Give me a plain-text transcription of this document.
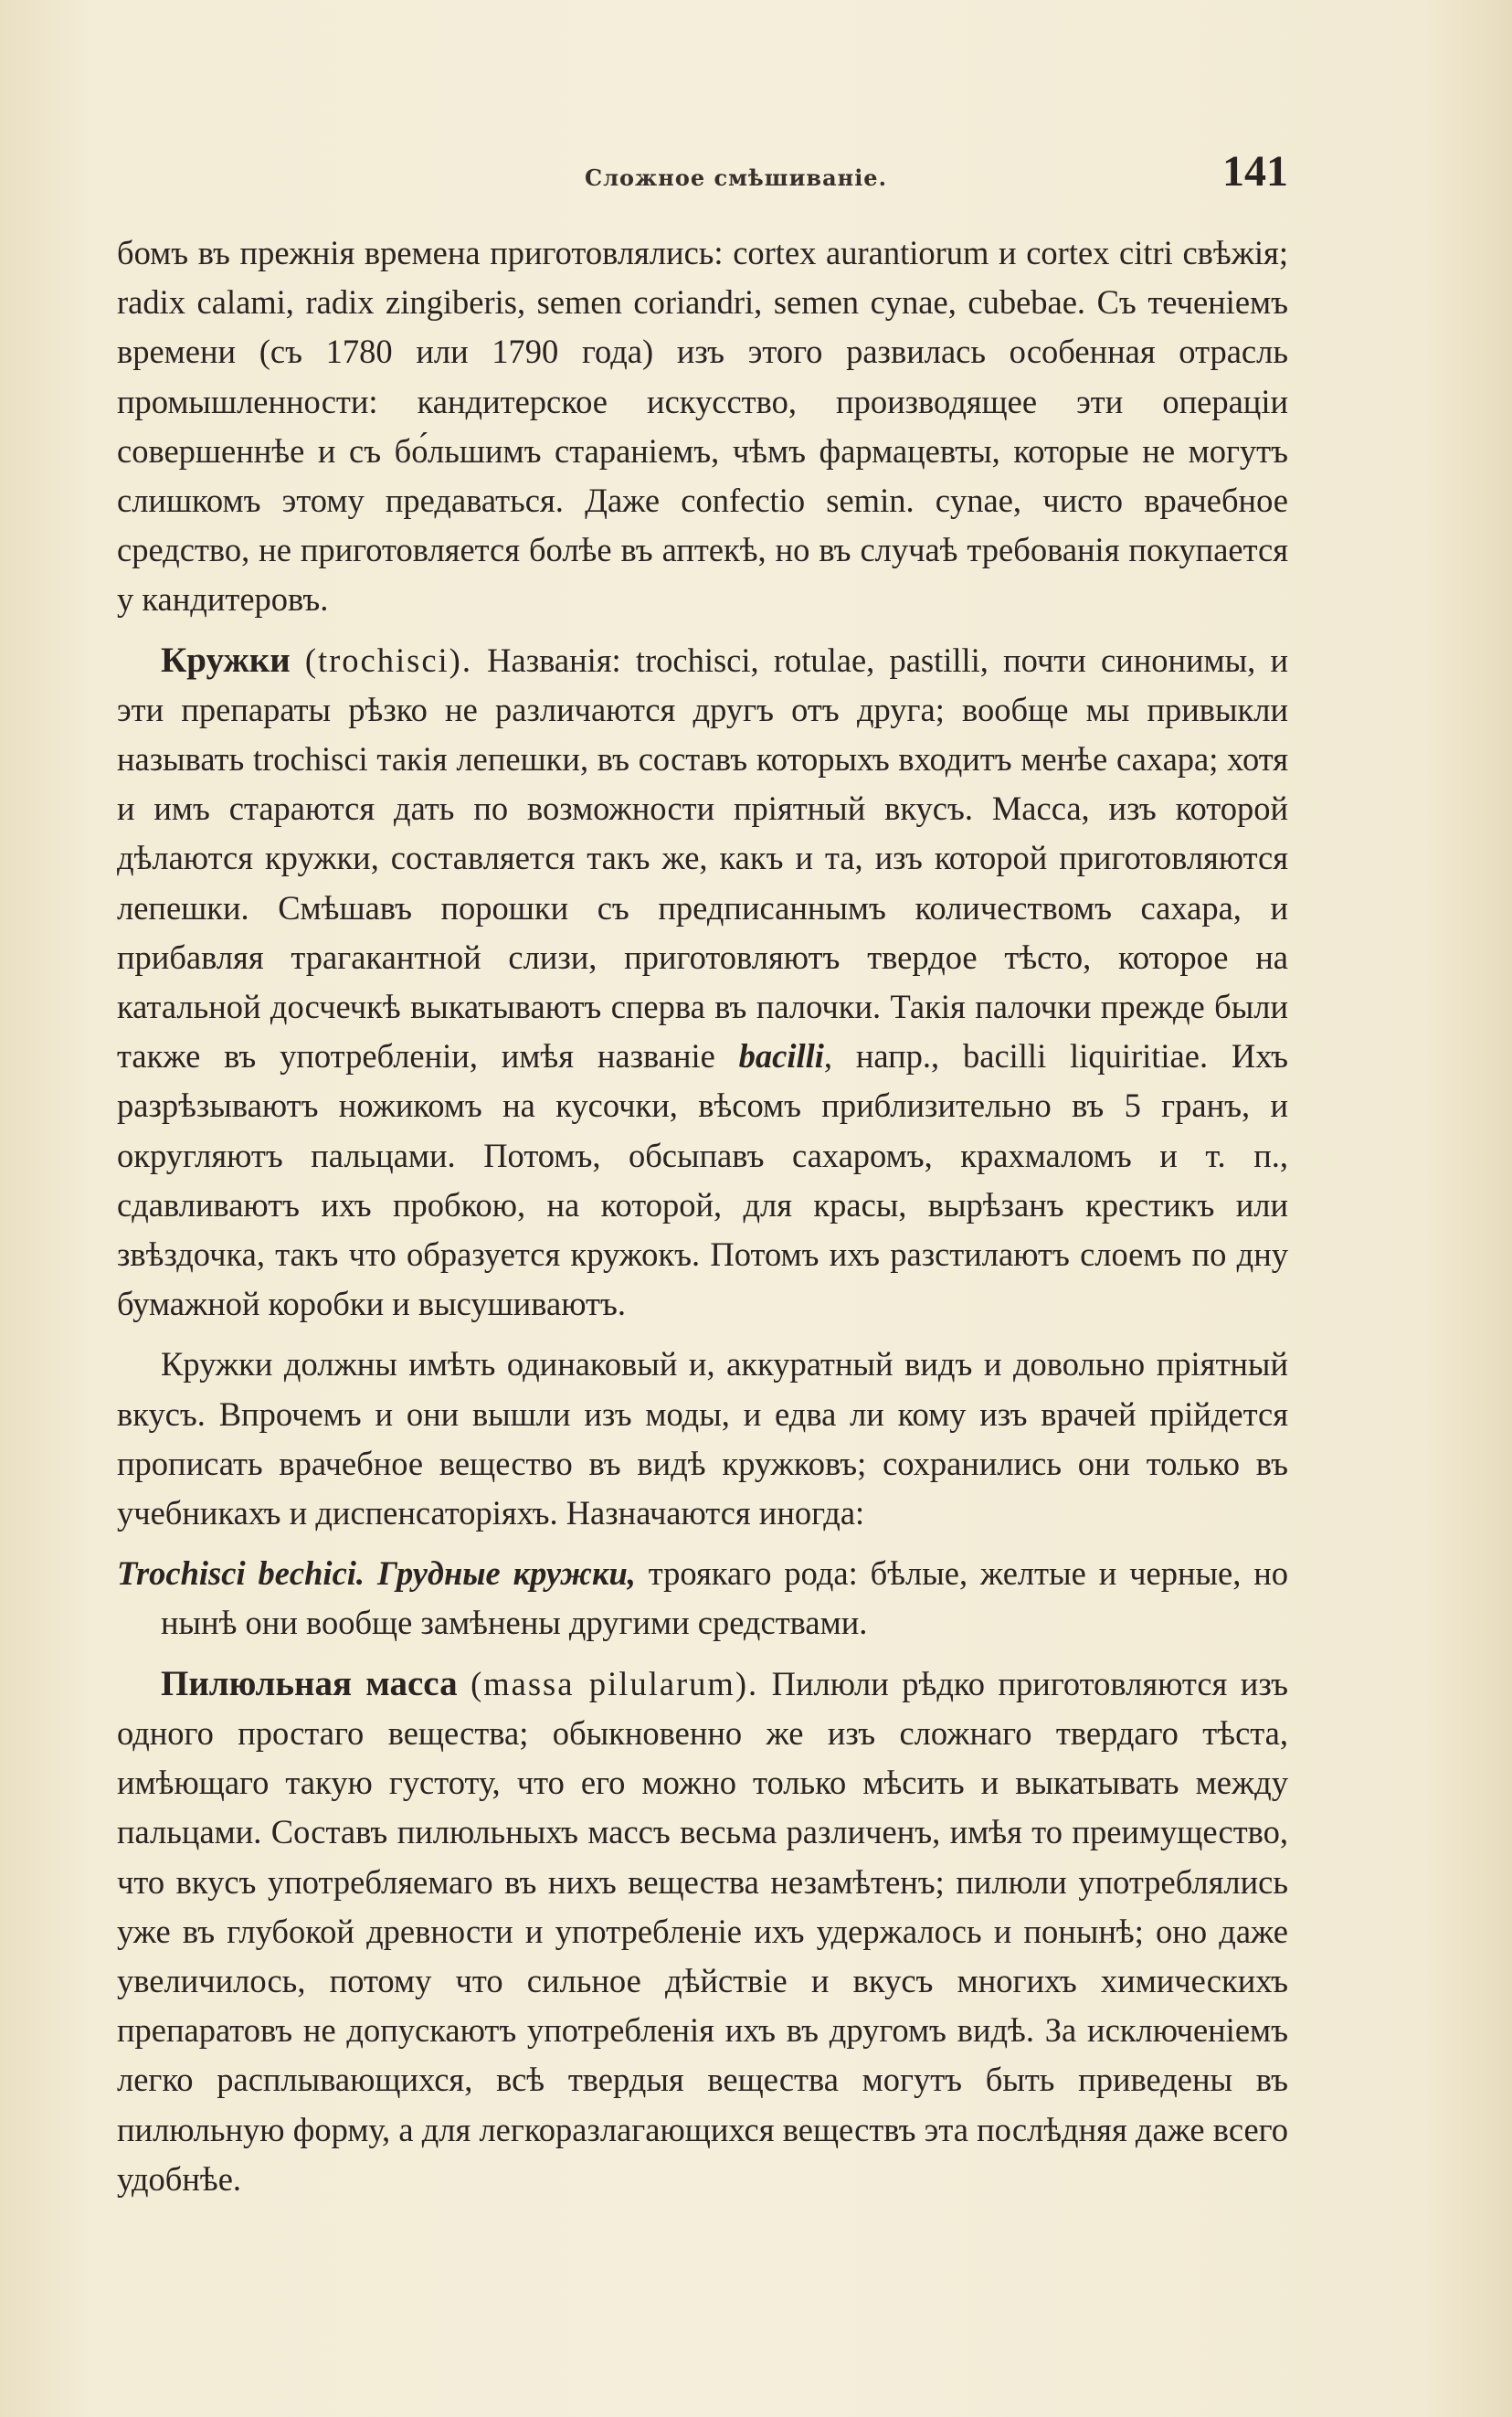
Сложное смѣшиваніе.	141

бомъ въ прежнія времена приготовлялись: cortex aurantiorum и cortex citri свѣжія; radix calami, radix zingiberis, semen coriandri, semen cynae, cubebae. Съ теченіемъ времени (съ 1780 или 1790 года) изъ этого развилась особенная отрасль промышленности: кандитерское искусство, производящее эти операціи совершеннѣе и съ бо́льшимъ стараніемъ, чѣмъ фармацевты, которые не могутъ слишкомъ этому предаваться. Даже confectio semin. cynae, чисто врачебное средство, не приготовляется болѣе въ аптекѣ, но въ случаѣ требованія покупается у кандитеровъ.

Кружки (trochisci). Названія: trochisci, rotulae, pastilli, почти синонимы, и эти препараты рѣзко не различаются другъ отъ друга; вообще мы привыкли называть trochisci такія лепешки, въ составъ которыхъ входитъ менѣе сахара; хотя и имъ стараются дать по возможности пріятный вкусъ. Масса, изъ которой дѣлаются кружки, составляется такъ же, какъ и та, изъ которой приготовляются лепешки. Смѣшавъ порошки съ предписаннымъ количествомъ сахара, и прибавляя трагакантной слизи, приготовляютъ твердое тѣсто, которое на катальной досчечкѣ выкатываютъ сперва въ палочки. Такія палочки прежде были также въ употребленіи, имѣя названіе bacilli, напр., bacilli liquiritiae. Ихъ разрѣзываютъ ножикомъ на кусочки, вѣсомъ приблизительно въ 5 гранъ, и округляютъ пальцами. Потомъ, обсыпавъ сахаромъ, крахмаломъ и т. п., сдавливаютъ ихъ пробкою, на которой, для красы, вырѣзанъ крестикъ или звѣздочка, такъ что образуется кружокъ. Потомъ ихъ разстилаютъ слоемъ по дну бумажной коробки и высушиваютъ.

Кружки должны имѣть одинаковый и, аккуратный видъ и довольно пріятный вкусъ. Впрочемъ и они вышли изъ моды, и едва ли кому изъ врачей прійдется прописать врачебное вещество въ видѣ кружковъ; сохранились они только въ учебникахъ и диспенсаторіяхъ. Назначаются иногда:

Trochisci bechici. Грудные кружки, троякаго рода: бѣлые, желтые и черные, но нынѣ они вообще замѣнены другими средствами.

Пилюльная масса (massa pilularum). Пилюли рѣдко приготовляются изъ одного простаго вещества; обыкновенно же изъ сложнаго твердаго тѣста, имѣющаго такую густоту, что его можно только мѣсить и выкатывать между пальцами. Составъ пилюльныхъ массъ весьма различенъ, имѣя то преимущество, что вкусъ употребляемаго въ нихъ вещества незамѣтенъ; пилюли употреблялись уже въ глубокой древности и употребленіе ихъ удержалось и понынѣ; оно даже увеличилось, потому что сильное дѣйствіе и вкусъ многихъ химическихъ препаратовъ не допускаютъ употребленія ихъ въ другомъ видѣ. За исключеніемъ легко расплывающихся, всѣ твердыя вещества могутъ быть приведены въ пилюльную форму, а для легкоразлагающихся веществъ эта послѣдняя даже всего удобнѣе.
